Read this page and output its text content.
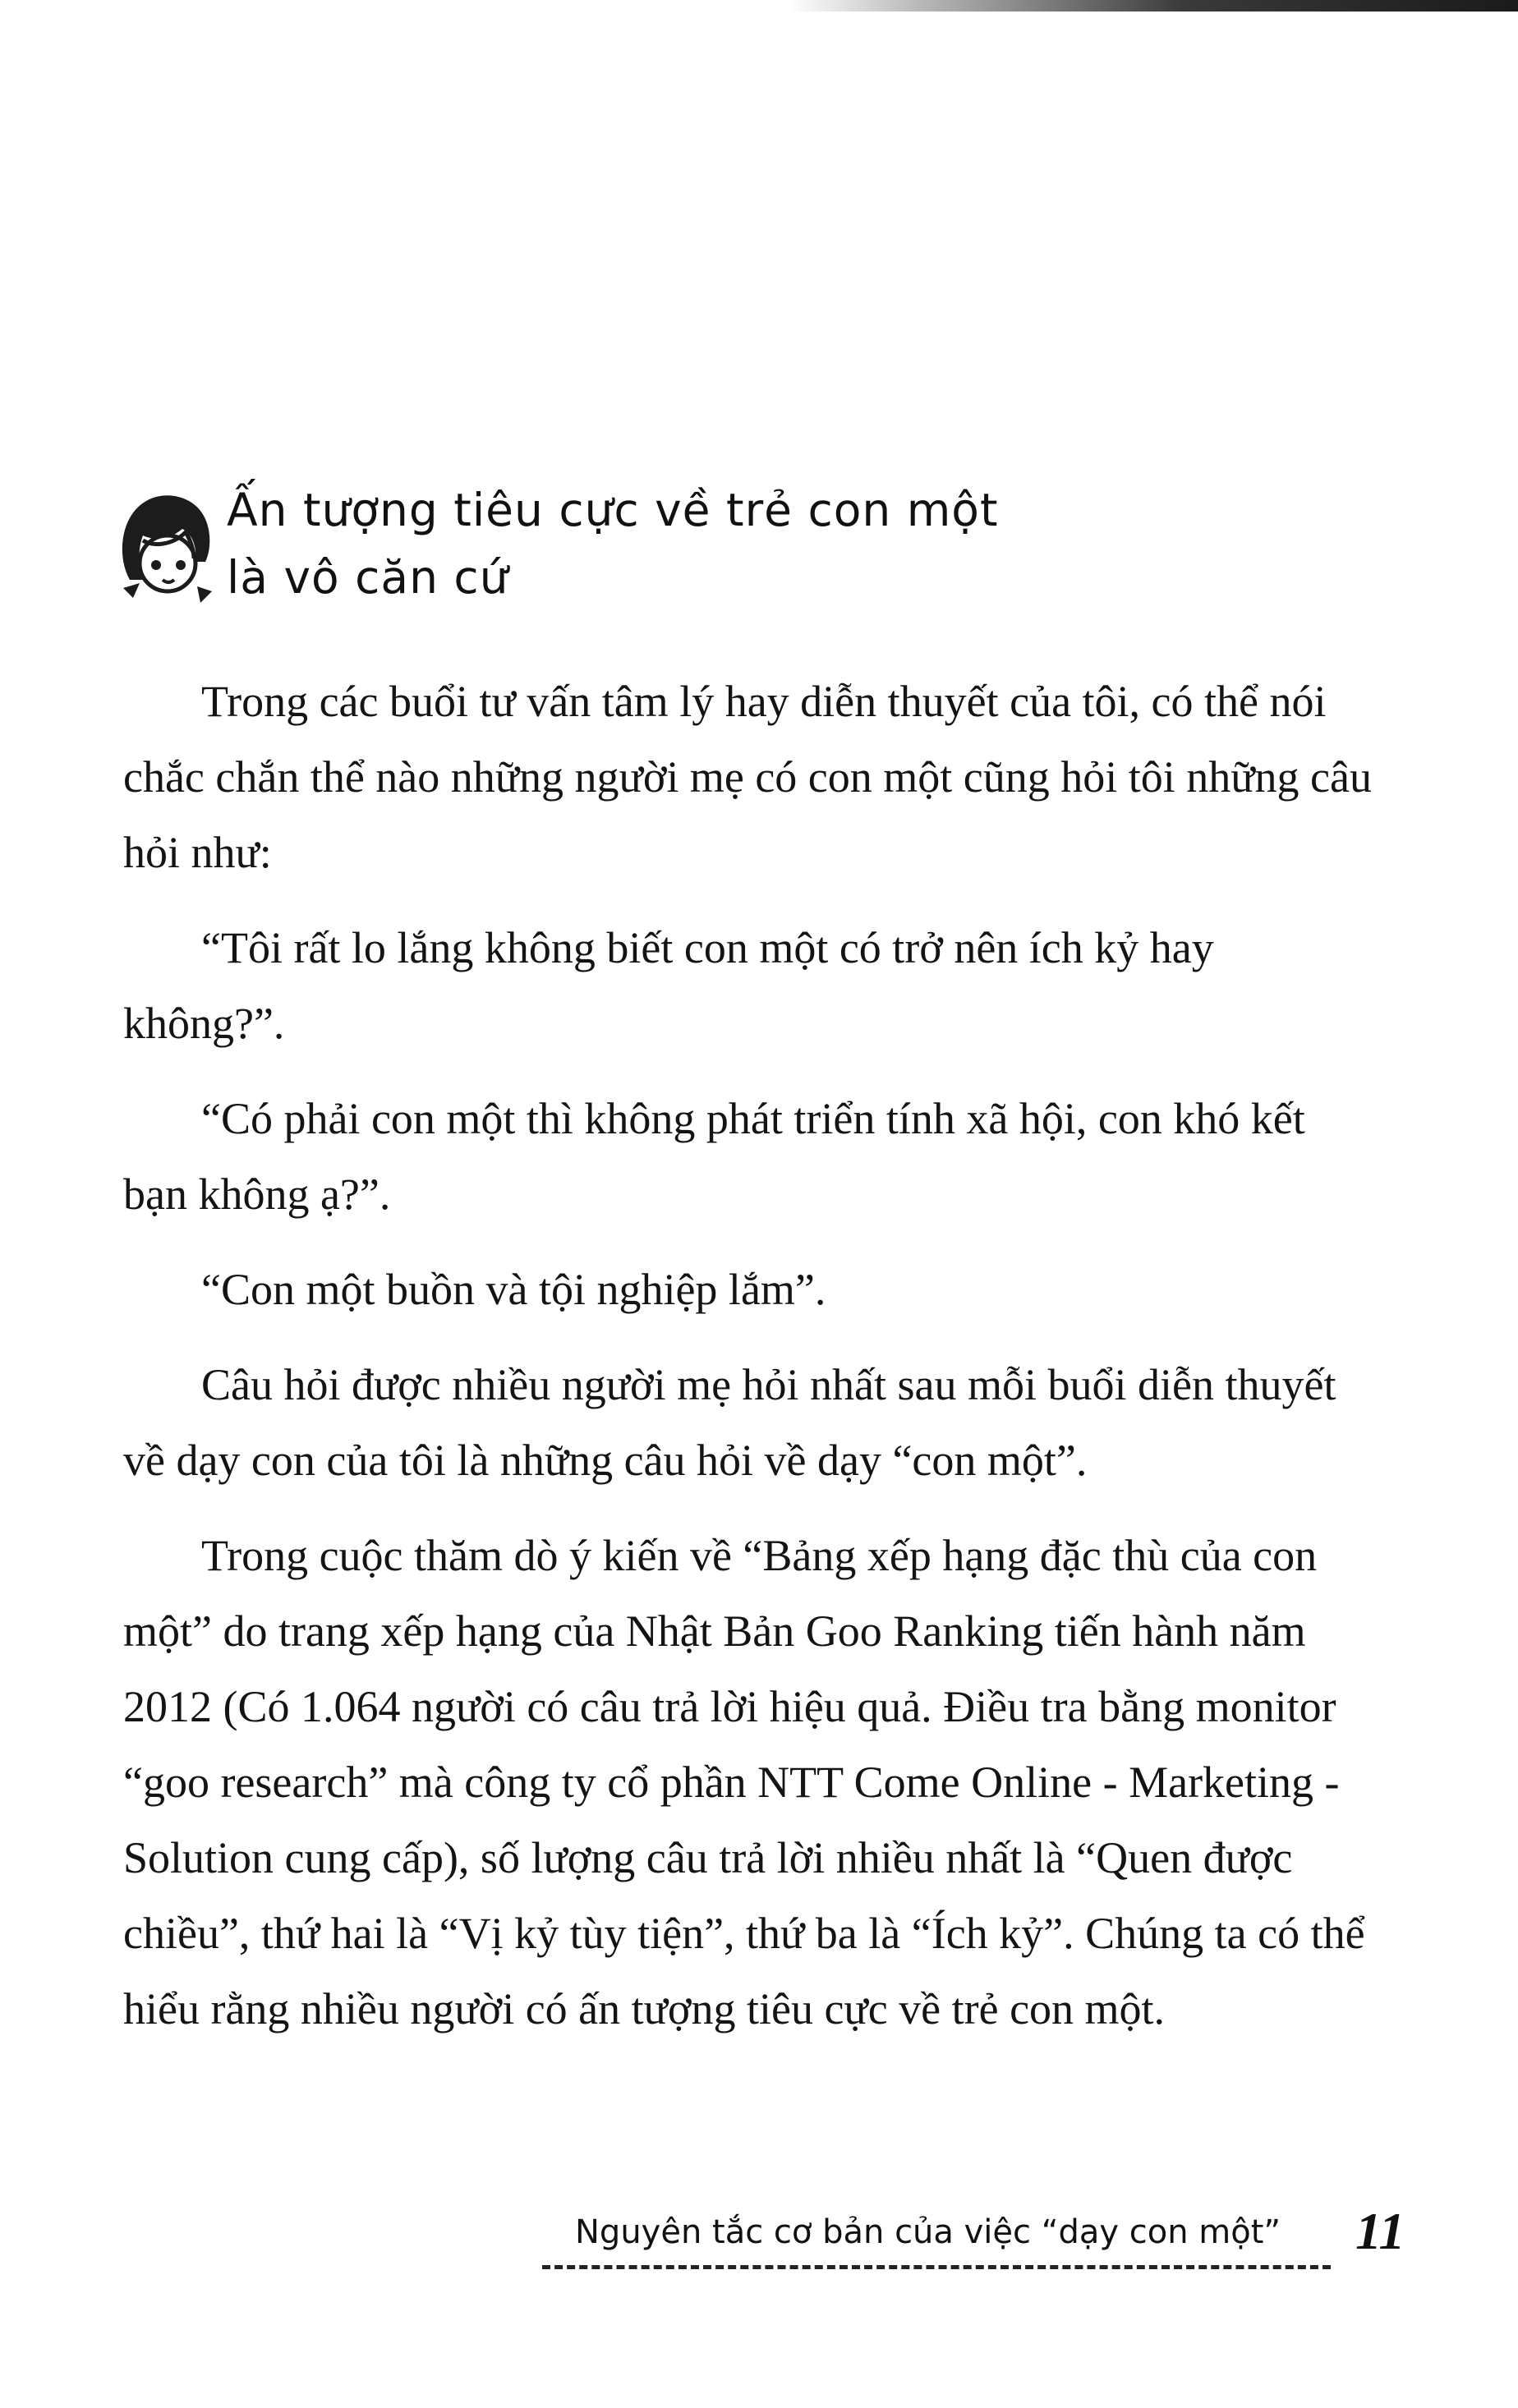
Ấn tượng tiêu cực về trẻ con một
là vô căn cứ

Trong các buổi tư vấn tâm lý hay diễn thuyết của tôi, có thể nói chắc chắn thể nào những người mẹ có con một cũng hỏi tôi những câu hỏi như:

“Tôi rất lo lắng không biết con một có trở nên ích kỷ hay không?”.

“Có phải con một thì không phát triển tính xã hội, con khó kết bạn không ạ?”.

“Con một buồn và tội nghiệp lắm”.

Câu hỏi được nhiều người mẹ hỏi nhất sau mỗi buổi diễn thuyết về dạy con của tôi là những câu hỏi về dạy “con một”.

Trong cuộc thăm dò ý kiến về “Bảng xếp hạng đặc thù của con một” do trang xếp hạng của Nhật Bản Goo Ranking tiến hành năm 2012 (Có 1.064 người có câu trả lời hiệu quả. Điều tra bằng monitor “goo research” mà công ty cổ phần NTT Come Online - Marketing - Solution cung cấp), số lượng câu trả lời nhiều nhất là “Quen được chiều”, thứ hai là “Vị kỷ tùy tiện”, thứ ba là “Ích kỷ”. Chúng ta có thể hiểu rằng nhiều người có ấn tượng tiêu cực về trẻ con một.

Nguyên tắc cơ bản của việc “dạy con một” 11
